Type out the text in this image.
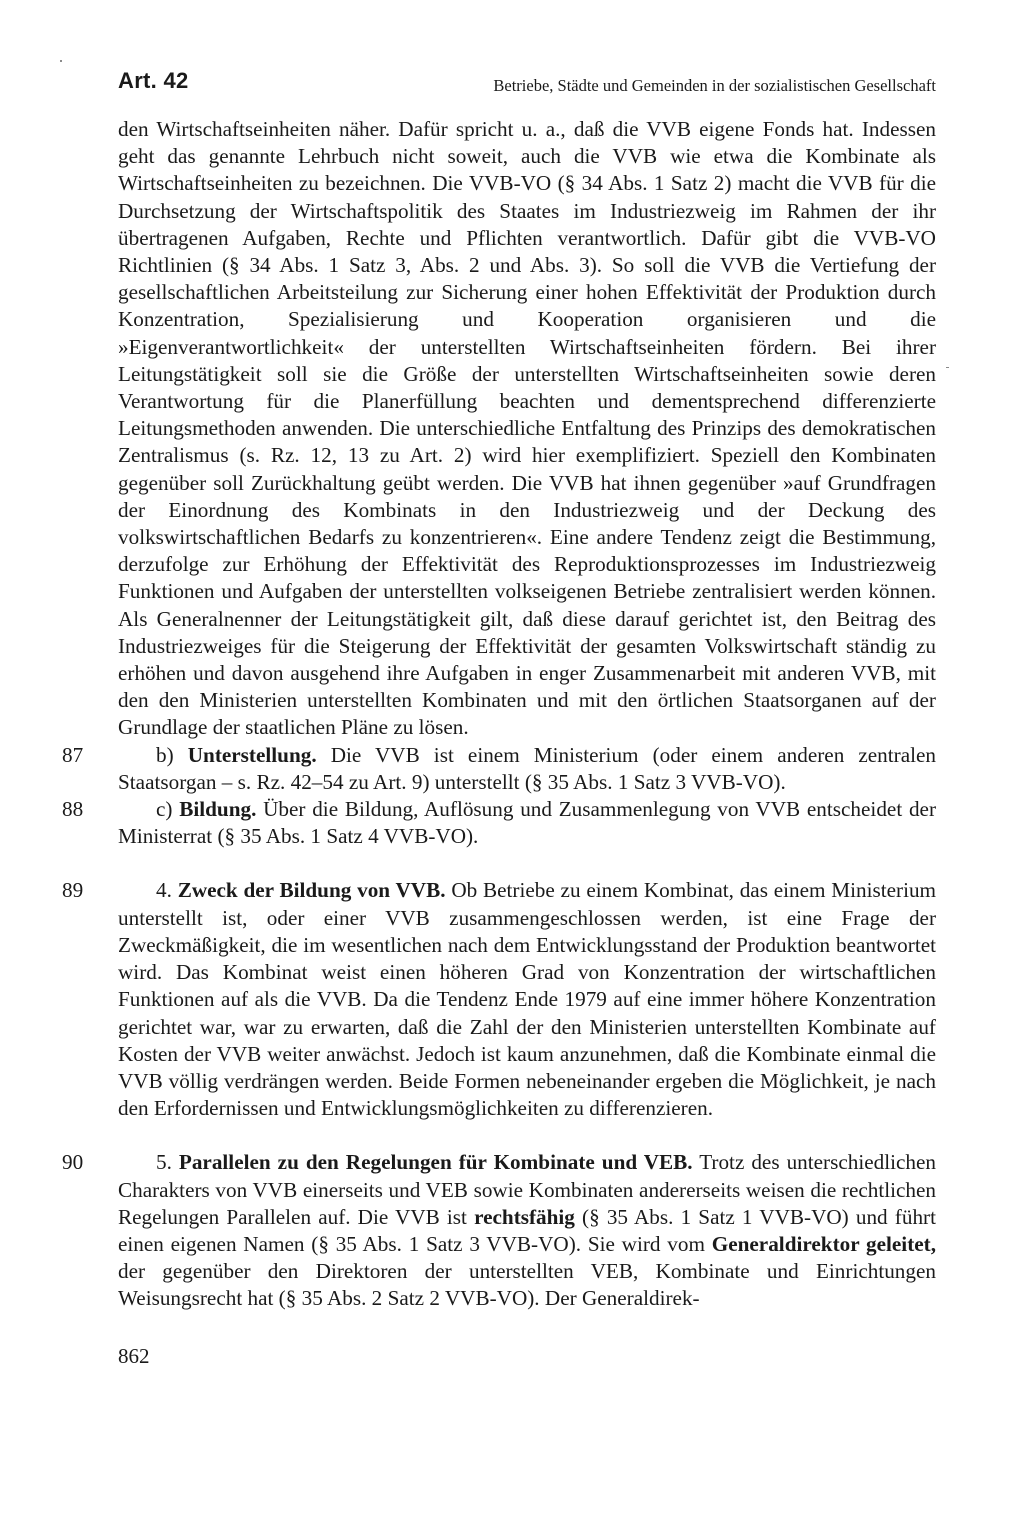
Art. 42	Betriebe, Städte und Gemeinden in der sozialistischen Gesellschaft

den Wirtschaftseinheiten näher. Dafür spricht u. a., daß die VVB eigene Fonds hat. Indessen geht das genannte Lehrbuch nicht soweit, auch die VVB wie etwa die Kombinate als Wirtschaftseinheiten zu bezeichnen. Die VVB-VO (§ 34 Abs. 1 Satz 2) macht die VVB für die Durchsetzung der Wirtschaftspolitik des Staates im Industriezweig im Rahmen der ihr übertragenen Aufgaben, Rechte und Pflichten verantwortlich. Dafür gibt die VVB-VO Richtlinien (§ 34 Abs. 1 Satz 3, Abs. 2 und Abs. 3). So soll die VVB die Vertiefung der gesellschaftlichen Arbeitsteilung zur Sicherung einer hohen Effektivität der Produktion durch Konzentration, Spezialisierung und Kooperation organisieren und die »Eigenverantwortlichkeit« der unterstellten Wirtschaftseinheiten fördern. Bei ihrer Leitungstätigkeit soll sie die Größe der unterstellten Wirtschaftseinheiten sowie deren Verantwortung für die Planerfüllung beachten und dementsprechend differenzierte Leitungsmethoden anwenden. Die unterschiedliche Entfaltung des Prinzips des demokratischen Zentralismus (s. Rz. 12, 13 zu Art. 2) wird hier exemplifiziert. Speziell den Kombinaten gegenüber soll Zurückhaltung geübt werden. Die VVB hat ihnen gegenüber »auf Grundfragen der Einordnung des Kombinats in den Industriezweig und der Deckung des volkswirtschaftlichen Bedarfs zu konzentrieren«. Eine andere Tendenz zeigt die Bestimmung, derzufolge zur Erhöhung der Effektivität des Reproduktionsprozesses im Industriezweig Funktionen und Aufgaben der unterstellten volkseigenen Betriebe zentralisiert werden können. Als Generalnenner der Leitungstätigkeit gilt, daß diese darauf gerichtet ist, den Beitrag des Industriezweiges für die Steigerung der Effektivität der gesamten Volkswirtschaft ständig zu erhöhen und davon ausgehend ihre Aufgaben in enger Zusammenarbeit mit anderen VVB, mit den den Ministerien unterstellten Kombinaten und mit den örtlichen Staatsorganen auf der Grundlage der staatlichen Pläne zu lösen.

87	b) Unterstellung. Die VVB ist einem Ministerium (oder einem anderen zentralen Staatsorgan – s. Rz. 42–54 zu Art. 9) unterstellt (§ 35 Abs. 1 Satz 3 VVB-VO).

88	c) Bildung. Über die Bildung, Auflösung und Zusammenlegung von VVB entscheidet der Ministerrat (§ 35 Abs. 1 Satz 4 VVB-VO).

89	4. Zweck der Bildung von VVB. Ob Betriebe zu einem Kombinat, das einem Ministerium unterstellt ist, oder einer VVB zusammengeschlossen werden, ist eine Frage der Zweckmäßigkeit, die im wesentlichen nach dem Entwicklungsstand der Produktion beantwortet wird. Das Kombinat weist einen höheren Grad von Konzentration der wirtschaftlichen Funktionen auf als die VVB. Da die Tendenz Ende 1979 auf eine immer höhere Konzentration gerichtet war, war zu erwarten, daß die Zahl der den Ministerien unterstellten Kombinate auf Kosten der VVB weiter anwächst. Jedoch ist kaum anzunehmen, daß die Kombinate einmal die VVB völlig verdrängen werden. Beide Formen nebeneinander ergeben die Möglichkeit, je nach den Erfordernissen und Entwicklungsmöglichkeiten zu differenzieren.

90	5. Parallelen zu den Regelungen für Kombinate und VEB. Trotz des unterschiedlichen Charakters von VVB einerseits und VEB sowie Kombinaten andererseits weisen die rechtlichen Regelungen Parallelen auf. Die VVB ist rechtsfähig (§ 35 Abs. 1 Satz 1 VVB-VO) und führt einen eigenen Namen (§ 35 Abs. 1 Satz 3 VVB-VO). Sie wird vom Generaldirektor geleitet, der gegenüber den Direktoren der unterstellten VEB, Kombinate und Einrichtungen Weisungsrecht hat (§ 35 Abs. 2 Satz 2 VVB-VO). Der Generaldirek-

862
